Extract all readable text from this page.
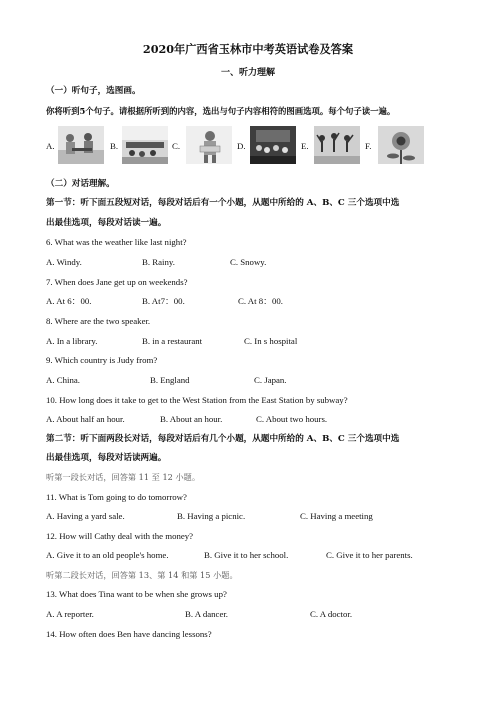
2020年广西省玉林市中考英语试卷及答案
一、听力理解
（一）听句子，选图画。
你将听到5个句子。请根据所听到的内容，选出与句子内容相符的图画选项。每个句子读一遍。
A.	B.	C.	D.	E.	F.
（二）对话理解。
第一节：听下面五段短对话，每段对话后有一个小题，从题中所给的 A、B、C 三个选项中选
出最佳选项，每段对话读一遍。
6. What was the weather like last night?
A. Windy.	B. Rainy.	C. Snowy.
7. When does Jane get up on weekends?
A. At 6：00.	B. At7：00.	C. At 8：00.
8. Where are the two speaker.
A. In a library.	B. in a restaurant	C. In s hospital
9. Which country is Judy from?
A. China.	B. England	C. Japan.
10. How long does it take to get to the West Station from the East Station by subway?
A. About half an hour.	B. About an hour.	C. About two hours.
第二节：听下面两段长对话，每段对话后有几个小题，从题中所给的 A、B、C 三个选项中选
出最佳选项，每段对话读两遍。
听第一段长对话，回答第 11 至 12 小题。
11. What is Tom going to do tomorrow?
A. Having a yard sale.	B. Having a picnic.	C. Having a meeting
12. How will Cathy deal with the money?
A. Give it to an old people's home.	B. Give it to her school.	C. Give it to her parents.
听第二段长对话，回答第 13、第 14 和第 15 小题。
13. What does Tina want to be when she grows up?
A. A reporter.	B. A dancer.	C. A doctor.
14. How often does Ben have dancing lessons?
